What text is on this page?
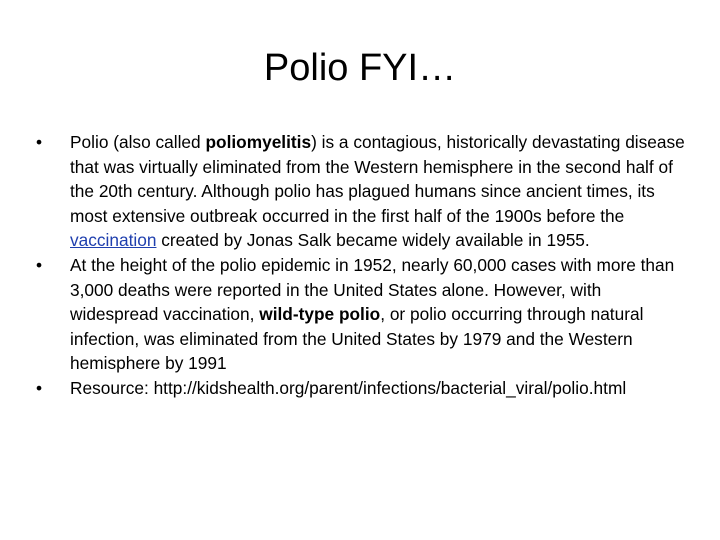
Polio FYI…
•	Polio (also called poliomyelitis) is a contagious, historically devastating disease that was virtually eliminated from the Western hemisphere in the second half of the 20th century. Although polio has plagued humans since ancient times, its most extensive outbreak occurred in the first half of the 1900s before the vaccination created by Jonas Salk became widely available in 1955.
•	At the height of the polio epidemic in 1952, nearly 60,000 cases with more than 3,000 deaths were reported in the United States alone. However, with widespread vaccination, wild-type polio, or polio occurring through natural infection, was eliminated from the United States by 1979 and the Western hemisphere by 1991
•	Resource: http://kidshealth.org/parent/infections/bacterial_viral/polio.html
